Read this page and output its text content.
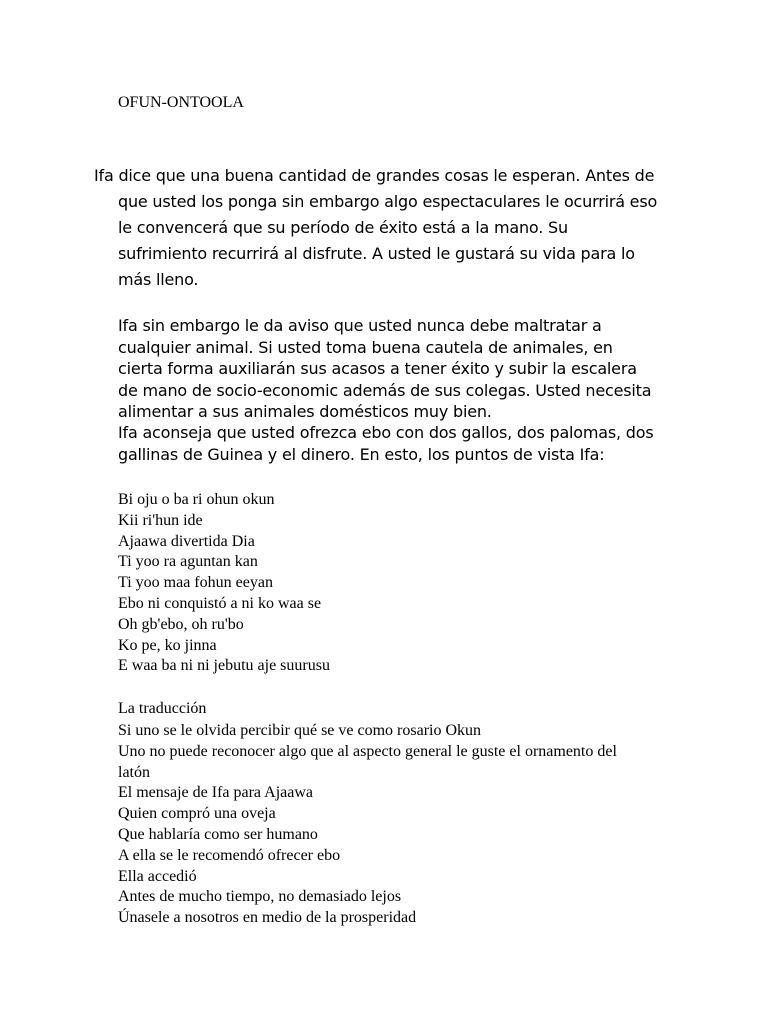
OFUN-ONTOOLA

Ifa dice que una buena cantidad de grandes cosas le esperan. Antes de que usted los ponga sin embargo algo espectaculares le ocurrirá eso le convencerá que su período de éxito está a la mano. Su sufrimiento recurrirá al disfrute. A usted le gustará su vida para lo más lleno.

Ifa sin embargo le da aviso que usted nunca debe maltratar a cualquier animal. Si usted toma buena cautela de animales, en cierta forma auxiliarán sus acasos a tener éxito y subir la escalera de mano de socio-economic además de sus colegas. Usted necesita alimentar a sus animales domésticos muy bien.

Ifa aconseja que usted ofrezca ebo con dos gallos, dos palomas, dos gallinas de Guinea y el dinero. En esto, los puntos de vista Ifa:

Bi oju o ba ri ohun okun
Kii ri'hun ide
Ajaawa divertida Dia
Ti yoo ra aguntan kan
Ti yoo maa fohun eeyan
Ebo ni conquistó a ni ko waa se
Oh gb'ebo, oh ru'bo
Ko pe, ko jinna
E waa ba ni ni jebutu aje suurusu
La traducción
Si uno se le olvida percibir qué se ve como rosario Okun
Uno no puede reconocer algo que al aspecto general le guste el ornamento del latón
El mensaje de Ifa para Ajaawa
Quien compró una oveja
Que hablaría como ser humano
A ella se le recomendó ofrecer ebo
Ella accedió
Antes de mucho tiempo, no demasiado lejos
Únasele a nosotros en medio de la prosperidad
